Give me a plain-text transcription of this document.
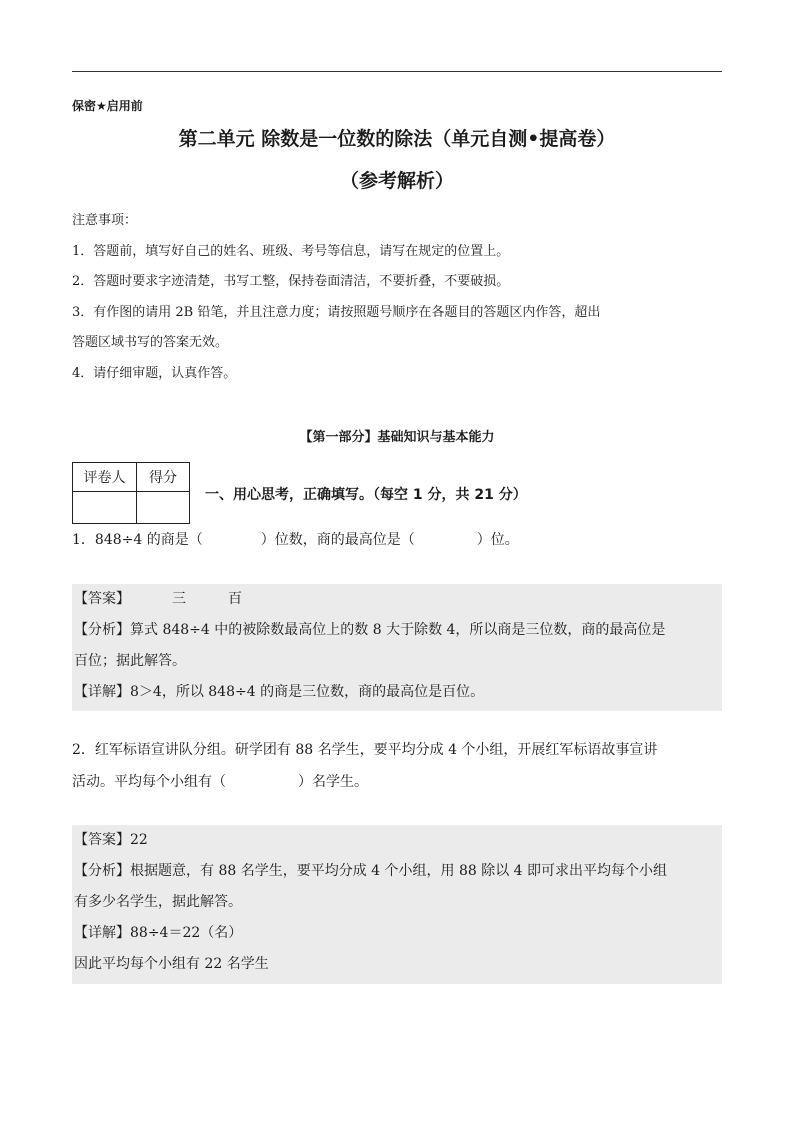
保密★启用前
第二单元 除数是一位数的除法（单元自测•提高卷）
（参考解析）
注意事项：
1．答题前，填写好自己的姓名、班级、考号等信息，请写在规定的位置上。
2．答题时要求字迹清楚，书写工整，保持卷面清洁，不要折叠，不要破损。
3．有作图的请用 2B 铅笔，并且注意力度；请按照题号顺序在各题目的答题区内作答，超出
答题区域书写的答案无效。
4．请仔细审题，认真作答。
【第一部分】基础知识与基本能力
评卷人	得分

一、用心思考，正确填写。（每空 1 分，共 21 分）
1．848÷4 的商是（	）位数，商的最高位是（	）位。
【答案】	三	百
【分析】算式 848÷4 中的被除数最高位上的数 8 大于除数 4，所以商是三位数，商的最高位是
百位；据此解答。
【详解】8＞4，所以 848÷4 的商是三位数，商的最高位是百位。
2．红军标语宣讲队分组。研学团有 88 名学生，要平均分成 4 个小组，开展红军标语故事宣讲
活动。平均每个小组有（	）名学生。
【答案】22
【分析】根据题意，有 88 名学生，要平均分成 4 个小组，用 88 除以 4 即可求出平均每个小组
有多少名学生，据此解答。
【详解】88÷4＝22（名）
因此平均每个小组有 22 名学生
